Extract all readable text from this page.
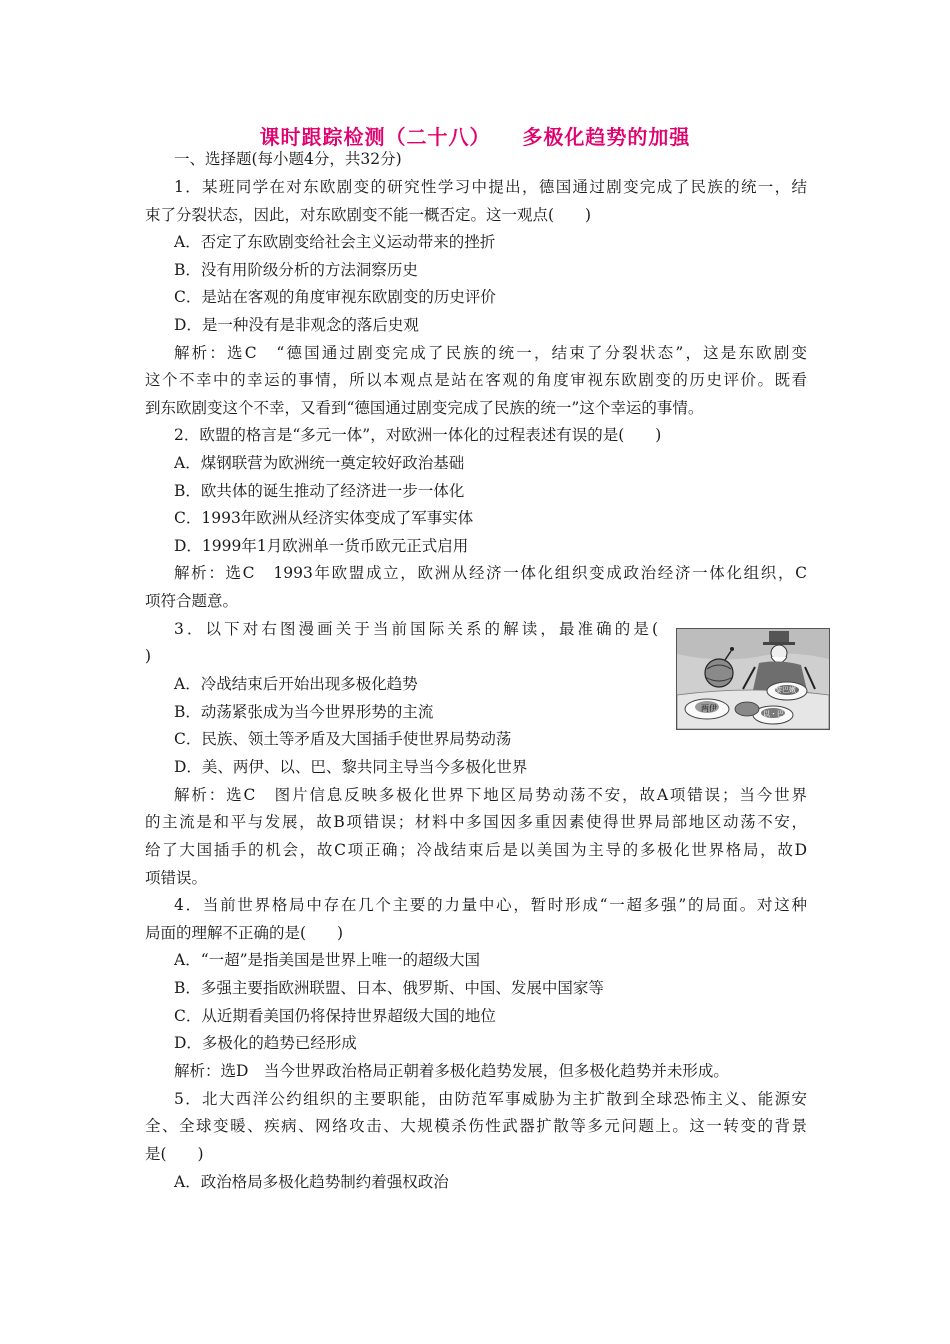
课时跟踪检测（二十八）    多极化趋势的加强
一、选择题(每小题4分，共32分)
1．某班同学在对东欧剧变的研究性学习中提出，德国通过剧变完成了民族的统一，结
束了分裂状态，因此，对东欧剧变不能一概否定。这一观点(　　)
A．否定了东欧剧变给社会主义运动带来的挫折
B．没有用阶级分析的方法洞察历史
C．是站在客观的角度审视东欧剧变的历史评价
D．是一种没有是非观念的落后史观
解析：选C　“德国通过剧变完成了民族的统一，结束了分裂状态”，这是东欧剧变
这个不幸中的幸运的事情，所以本观点是站在客观的角度审视东欧剧变的历史评价。既看
到东欧剧变这个不幸，又看到“德国通过剧变完成了民族的统一”这个幸运的事情。
2．欧盟的格言是“多元一体”，对欧洲一体化的过程表述有误的是(　　)
A．煤钢联营为欧洲统一奠定较好政治基础
B．欧共体的诞生推动了经济进一步一体化
C．1993年欧洲从经济实体变成了军事实体
D．1999年1月欧洲单一货币欧元正式启用
解析：选C　1993年欧盟成立，欧洲从经济一体化组织变成政治经济一体化组织，C
项符合题意。
3．以下对右图漫画关于当前国际关系的解读，最准确的是(
)
A．冷战结束后开始出现多极化趋势
B．动荡紧张成为当今世界形势的主流
C．民族、领土等矛盾及大国插手使世界局势动荡
D．美、两伊、以、巴、黎共同主导当今多极化世界
两伊
黎巴嫩
以・巴
解析：选C　图片信息反映多极化世界下地区局势动荡不安，故A项错误；当今世界
的主流是和平与发展，故B项错误；材料中多国因多重因素使得世界局部地区动荡不安，
给了大国插手的机会，故C项正确；冷战结束后是以美国为主导的多极化世界格局，故D
项错误。
4．当前世界格局中存在几个主要的力量中心，暂时形成“一超多强”的局面。对这种
局面的理解不正确的是(　　)
A．“一超”是指美国是世界上唯一的超级大国
B．多强主要指欧洲联盟、日本、俄罗斯、中国、发展中国家等
C．从近期看美国仍将保持世界超级大国的地位
D．多极化的趋势已经形成
解析：选D　当今世界政治格局正朝着多极化趋势发展，但多极化趋势并未形成。
5．北大西洋公约组织的主要职能，由防范军事威胁为主扩散到全球恐怖主义、能源安
全、全球变暖、疾病、网络攻击、大规模杀伤性武器扩散等多元问题上。这一转变的背景
是(　　)
A．政治格局多极化趋势制约着强权政治
